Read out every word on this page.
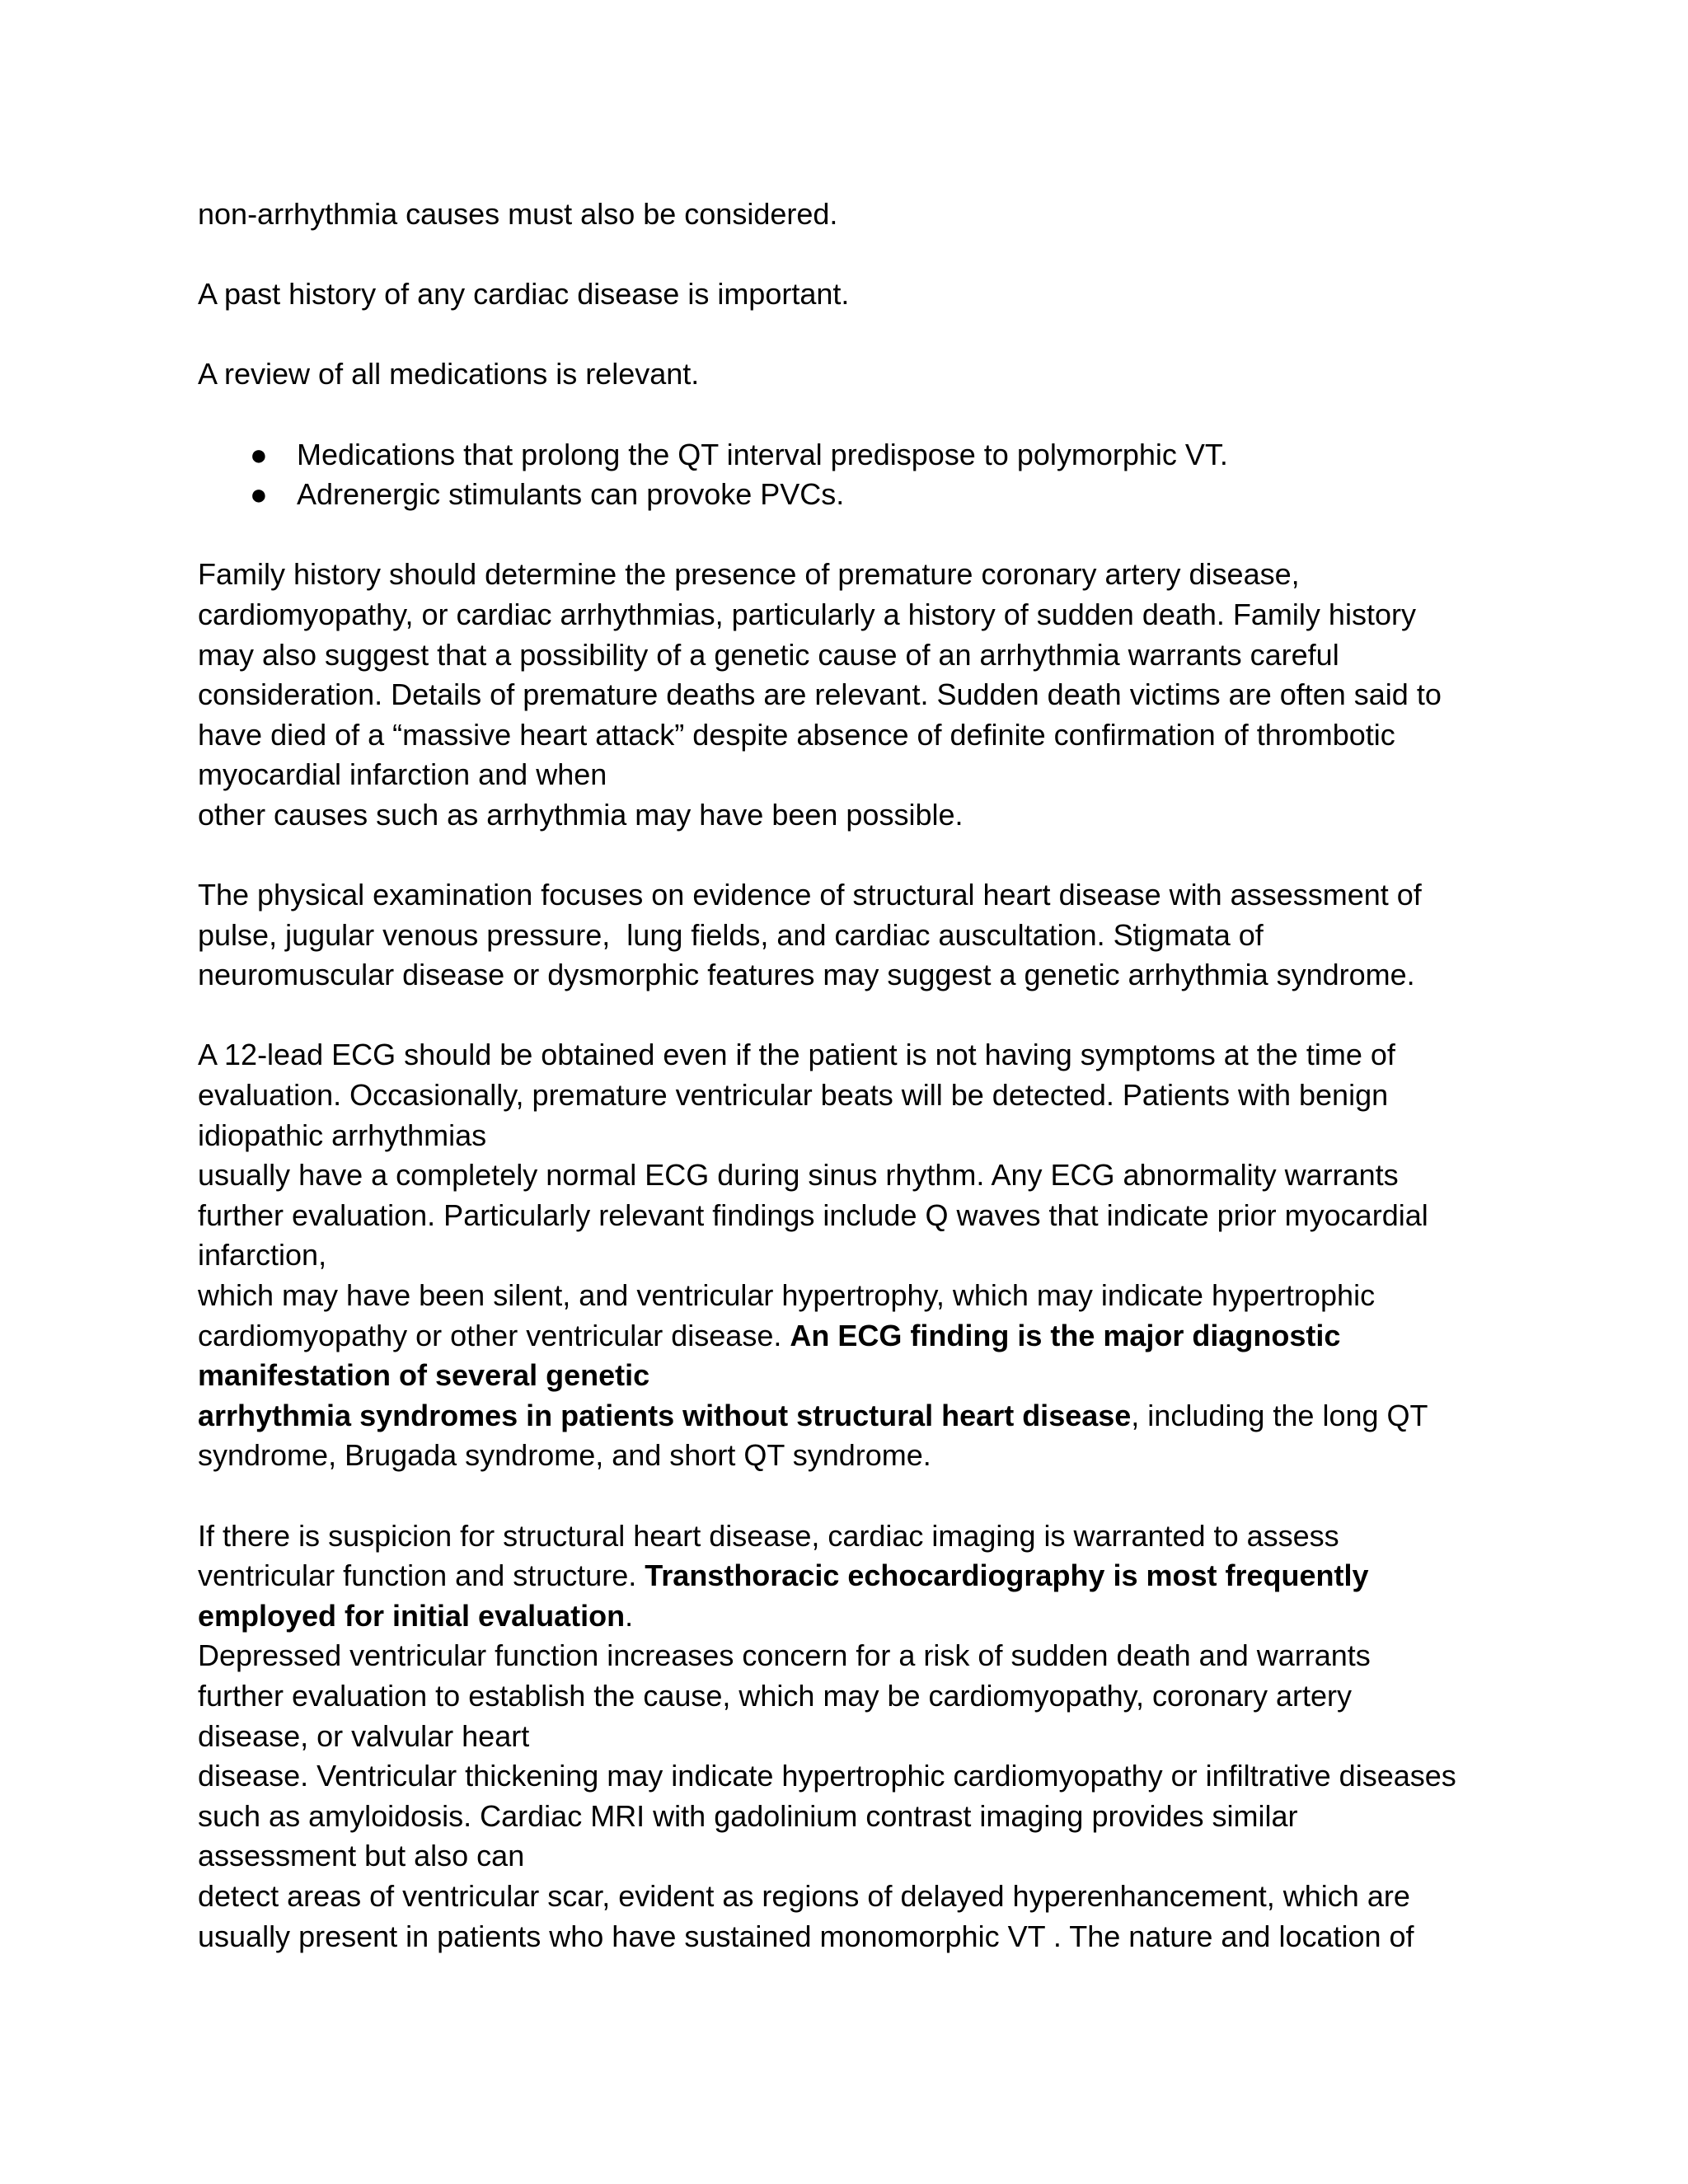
non-arrhythmia causes must also be considered.

A past history of any cardiac disease is important.

A review of all medications is relevant.

● Medications that prolong the QT interval predispose to polymorphic VT.
● Adrenergic stimulants can provoke PVCs.

Family history should determine the presence of premature coronary artery disease,
cardiomyopathy, or cardiac arrhythmias, particularly a history of sudden death. Family history
may also suggest that a possibility of a genetic cause of an arrhythmia warrants careful
consideration. Details of premature deaths are relevant. Sudden death victims are often said to
have died of a “massive heart attack” despite absence of definite confirmation of thrombotic
myocardial infarction and when
other causes such as arrhythmia may have been possible.

The physical examination focuses on evidence of structural heart disease with assessment of
pulse, jugular venous pressure,  lung fields, and cardiac auscultation. Stigmata of
neuromuscular disease or dysmorphic features may suggest a genetic arrhythmia syndrome.

A 12-lead ECG should be obtained even if the patient is not having symptoms at the time of
evaluation. Occasionally, premature ventricular beats will be detected. Patients with benign
idiopathic arrhythmias
usually have a completely normal ECG during sinus rhythm. Any ECG abnormality warrants
further evaluation. Particularly relevant findings include Q waves that indicate prior myocardial
infarction,
which may have been silent, and ventricular hypertrophy, which may indicate hypertrophic
cardiomyopathy or other ventricular disease. An ECG finding is the major diagnostic
manifestation of several genetic
arrhythmia syndromes in patients without structural heart disease, including the long QT
syndrome, Brugada syndrome, and short QT syndrome.

If there is suspicion for structural heart disease, cardiac imaging is warranted to assess
ventricular function and structure. Transthoracic echocardiography is most frequently
employed for initial evaluation.
Depressed ventricular function increases concern for a risk of sudden death and warrants
further evaluation to establish the cause, which may be cardiomyopathy, coronary artery
disease, or valvular heart
disease. Ventricular thickening may indicate hypertrophic cardiomyopathy or infiltrative diseases
such as amyloidosis. Cardiac MRI with gadolinium contrast imaging provides similar
assessment but also can
detect areas of ventricular scar, evident as regions of delayed hyperenhancement, which are
usually present in patients who have sustained monomorphic VT . The nature and location of
